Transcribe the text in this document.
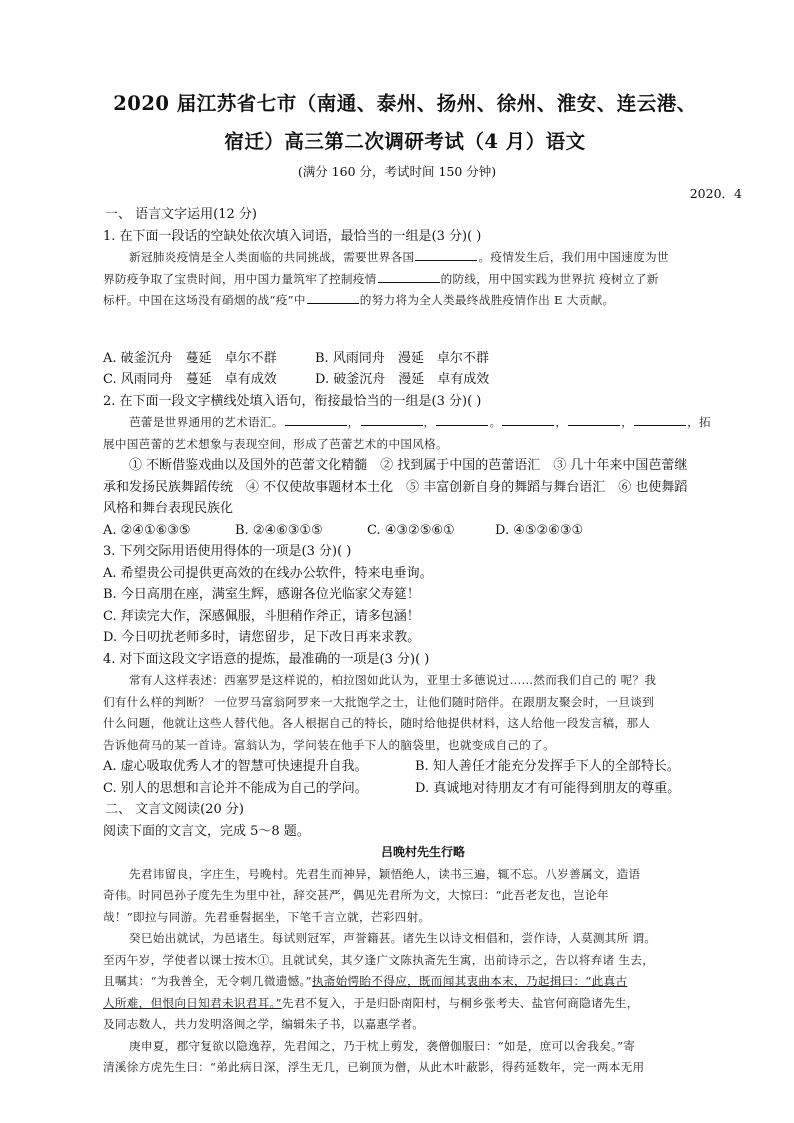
2020 届江苏省七市（南通、泰州、扬州、徐州、淮安、连云港、
宿迁）高三第二次调研考试（4 月）语文
(满分 160 分，考试时间 150 分钟)
2020．4
一、 语言文字运用(12 分)
1. 在下面一段话的空缺处依次填入词语，最恰当的一组是(3 分)( )
新冠肺炎疫情是全人类面临的共同挑战，需要世界各国	。疫情发生后，我们用中国速度为世
界防疫争取了宝贵时间，用中国力量筑牢了控制疫情	的防线，用中国实践为世界抗 疫树立了新
标杆。中国在这场没有硝烟的战“疫”中	的努力将为全人类最终战胜疫情作出 E 大贡献。
A. 破釜沉舟　蔓延　卓尔不群	B. 风雨同舟　漫延　卓尔不群
C. 风雨同舟　蔓延　卓有成效	D. 破釜沉舟　漫延　卓有成效
2. 在下面一段文字横线处填入语句，衔接最恰当的一组是(3 分)( )
芭蕾是世界通用的艺术语汇。	，	，	。	，	，	，拓
展中国芭蕾的艺术想象与表现空间，形成了芭蕾艺术的中国风格。
① 不断借鉴戏曲以及国外的芭蕾文化精髓　② 找到属于中国的芭蕾语汇　③ 几十年来中国芭蕾继
承和发扬民族舞蹈传统　④ 不仅使故事题材本土化　⑤ 丰富创新自身的舞蹈与舞台语汇　⑥ 也使舞蹈
风格和舞台表现民族化
A. ②④①⑥③⑤	B. ②④⑥③①⑤	C. ④③②⑤⑥①	D. ④⑤②⑥③①
3. 下列交际用语使用得体的一项是(3 分)( )
A. 希望贵公司提供更高效的在线办公软件，特来电垂询。
B. 今日高朋在座，满室生辉，感谢各位光临家父寿筵！
C. 拜读完大作，深感佩服，斗胆稍作斧正，请多包涵！
D. 今日叨扰老师多时，请您留步，足下改日再来求教。
4. 对下面这段文字语意的提炼，最准确的一项是(3 分)( )
常有人这样表述：西塞罗是这样说的，柏拉图如此认为，亚里士多德说过……然而我们自己的 呢？我
们有什么样的判断？ 一位罗马富翁阿罗来一大批饱学之士，让他们随时陪伴。在跟朋友聚会时，一旦谈到
什么问题，他就让这些人替代他。各人根据自己的特长，随时给他提供材料，这人给他一段发言稿，那人
告诉他荷马的某一首诗。富翁认为，学问装在他手下人的脑袋里，也就变成自己的了。
A. 虚心吸取优秀人才的智慧可快速提升自我。	B. 知人善任才能充分发挥手下人的全部特长。
C. 别人的思想和言论并不能成为自己的学问。	D. 真诚地对待朋友才有可能得到朋友的尊重。
二、 文言文阅读(20 分)
阅读下面的文言文，完成 5～8 题。
吕晚村先生行略
先君讳留良，字庄生，号晚村。先君生而神异，颖悟绝人，读书三遍，辄不忘。八岁善属文，造语
奇伟。时同邑孙子度先生为里中社，辞交甚严，偶见先君所为文，大惊曰：“此吾老友也，岂论年
哉！”即拉与同游。先君垂髫据坐，下笔千言立就，芒彩四射。
癸巳始出就试，为邑诸生。每试则冠军，声誉籍甚。诸先生以诗文相倡和，尝作诗，人莫测其所 谓。
至丙午岁，学使者以课士按木①。且就试矣，其夕逢广文陈执斋先生寓，出前诗示之，告以将弃诸 生去，
且嘱其：“为我善全，无令刺几微遗憾。”执斋始愕眙不得应，既而闻其衷曲本末，乃起揖曰：“此真古
人所难，但恨向日知君未识君耳。”先君不复入，于是归卧南阳村，与桐乡张考夫、盐官何商隐诸先生，
及同志数人，共力发明洛闽之学，编辑朱子书，以嘉惠学者。
庚申夏，郡守复欲以隐逸荐，先君闻之，乃于枕上剪发，袭僧伽服曰：“如是，庶可以舍我矣。”寄
清溪徐方虎先生曰：“弟此病日深，浮生无几，已剃顶为僧，从此木叶蔽影，得药延数年，完一两本无用
